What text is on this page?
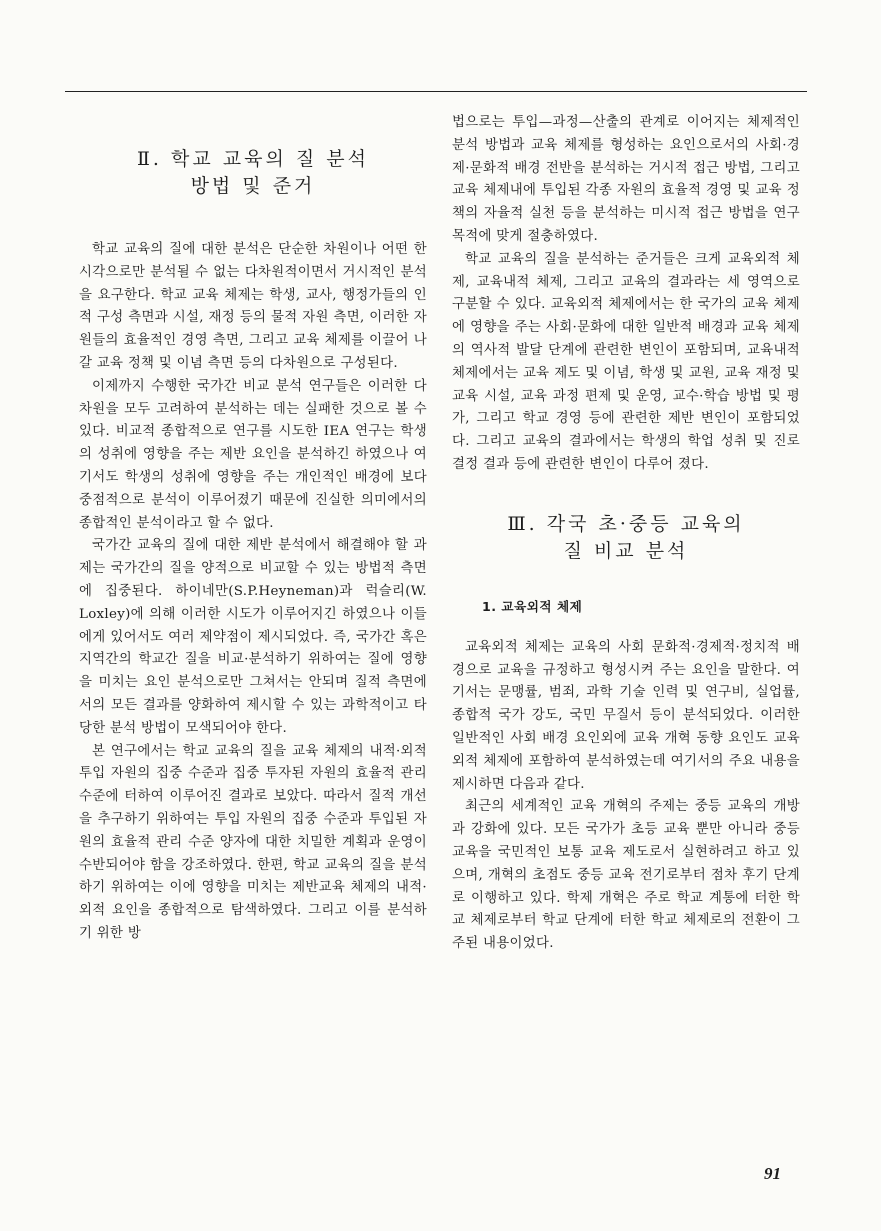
Ⅱ. 학교 교육의 질 분석
방법 및 준거

학교 교육의 질에 대한 분석은 단순한 차원이나 어떤 한 시각으로만 분석될 수 없는 다차원적이면서 거시적인 분석을 요구한다. 학교 교육 체제는 학생, 교사, 행정가들의 인적 구성 측면과 시설, 재정 등의 물적 자원 측면, 이러한 자원들의 효율적인 경영 측면, 그리고 교육 체제를 이끌어 나갈 교육 정책 및 이념 측면 등의 다차원으로 구성된다.

이제까지 수행한 국가간 비교 분석 연구들은 이러한 다차원을 모두 고려하여 분석하는 데는 실패한 것으로 볼 수 있다. 비교적 종합적으로 연구를 시도한 IEA 연구는 학생의 성취에 영향을 주는 제반 요인을 분석하긴 하였으나 여기서도 학생의 성취에 영향을 주는 개인적인 배경에 보다 중점적으로 분석이 이루어졌기 때문에 진실한 의미에서의 종합적인 분석이라고 할 수 없다.

국가간 교육의 질에 대한 제반 분석에서 해결해야 할 과제는 국가간의 질을 양적으로 비교할 수 있는 방법적 측면에 집중된다. 하이네만(S.P.Heyneman)과 럭슬리(W. Loxley)에 의해 이러한 시도가 이루어지긴 하였으나 이들에게 있어서도 여러 제약점이 제시되었다. 즉, 국가간 혹은 지역간의 학교간 질을 비교·분석하기 위하여는 질에 영향을 미치는 요인 분석으로만 그쳐서는 안되며 질적 측면에서의 모든 결과를 양화하여 제시할 수 있는 과학적이고 타당한 분석 방법이 모색되어야 한다.

본 연구에서는 학교 교육의 질을 교육 체제의 내적·외적 투입 자원의 집중 수준과 집중 투자된 자원의 효율적 관리 수준에 터하여 이루어진 결과로 보았다. 따라서 질적 개선을 추구하기 위하여는 투입 자원의 집중 수준과 투입된 자원의 효율적 관리 수준 양자에 대한 치밀한 계획과 운영이 수반되어야 함을 강조하였다. 한편, 학교 교육의 질을 분석하기 위하여는 이에 영향을 미치는 제반교육 체제의 내적·외적 요인을 종합적으로 탐색하였다. 그리고 이를 분석하기 위한 방

법으로는 투입—과정—산출의 관계로 이어지는 체제적인 분석 방법과 교육 체제를 형성하는 요인으로서의 사회·경제·문화적 배경 전반을 분석하는 거시적 접근 방법, 그리고 교육 체제내에 투입된 각종 자원의 효율적 경영 및 교육 정책의 자율적 실천 등을 분석하는 미시적 접근 방법을 연구 목적에 맞게 절충하였다.

학교 교육의 질을 분석하는 준거들은 크게 교육외적 체제, 교육내적 체제, 그리고 교육의 결과라는 세 영역으로 구분할 수 있다. 교육외적 체제에서는 한 국가의 교육 체제에 영향을 주는 사회·문화에 대한 일반적 배경과 교육 체제의 역사적 발달 단계에 관련한 변인이 포함되며, 교육내적 체제에서는 교육 제도 및 이념, 학생 및 교원, 교육 재정 및 교육 시설, 교육 과정 편제 및 운영, 교수·학습 방법 및 평가, 그리고 학교 경영 등에 관련한 제반 변인이 포함되었다. 그리고 교육의 결과에서는 학생의 학업 성취 및 진로 결정 결과 등에 관련한 변인이 다루어 졌다.

Ⅲ. 각국 초·중등 교육의
질 비교 분석
1. 교육외적 체제

교육외적 체제는 교육의 사회 문화적·경제적·정치적 배경으로 교육을 규정하고 형성시켜 주는 요인을 말한다. 여기서는 문맹률, 범죄, 과학 기술 인력 및 연구비, 실업률, 종합적 국가 강도, 국민 무질서 등이 분석되었다. 이러한 일반적인 사회 배경 요인외에 교육 개혁 동향 요인도 교육외적 체제에 포함하여 분석하였는데 여기서의 주요 내용을 제시하면 다음과 같다.

최근의 세계적인 교육 개혁의 주제는 중등 교육의 개방과 강화에 있다. 모든 국가가 초등 교육 뿐만 아니라 중등 교육을 국민적인 보통 교육 제도로서 실현하려고 하고 있으며, 개혁의 초점도 중등 교육 전기로부터 점차 후기 단계로 이행하고 있다. 학제 개혁은 주로 학교 계통에 터한 학교 체제로부터 학교 단계에 터한 학교 체제로의 전환이 그 주된 내용이었다.

91
